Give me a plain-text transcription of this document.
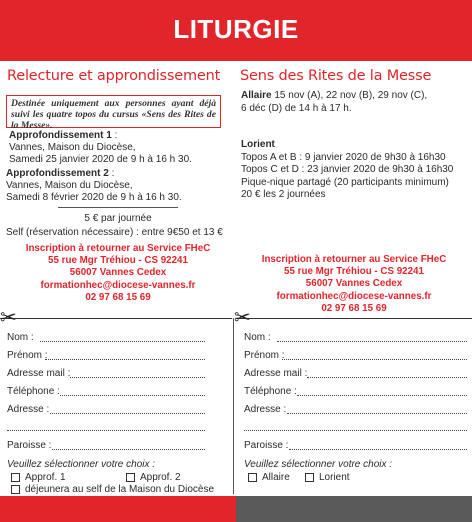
LITURGIE
Relecture et approndissement
Destinée uniquement aux personnes ayant déjà suivi les quatre topos du cursus «Sens des Rites de la Messe».
Approfondissement 1 :
Vannes, Maison du Diocèse,
Samedi 25 janvier 2020 de 9 h à 16 h 30.
Approfondissement 2 :
Vannes, Maison du Diocèse,
Samedi 8 février 2020 de 9 h à 16 h 30.
5 € par journée
Self (réservation nécessaire) : entre 9€50 et 13 €
Inscription à retourner au Service FHeC
55 rue Mgr Tréhiou - CS 92241
56007 Vannes Cedex
formationhec@diocese-vannes.fr
02 97 68 15 69
Sens des Rites de la Messe
Allaire 15 nov (A), 22 nov (B), 29 nov (C),
6 déc (D) de 14 h à 17 h.
Lorient
Topos A et B : 9 janvier 2020 de 9h30 à 16h30
Topos C et D : 23 janvier 2020 de 9h30 à 16h30
Pique-nique partagé (20 participants minimum)
20 € les 2 journées
Inscription à retourner au Service FHeC
55 rue Mgr Tréhiou - CS 92241
56007 Vannes Cedex
formationhec@diocese-vannes.fr
02 97 68 15 69
✂	✂
Nom :
Prénom :
Adresse mail :
Téléphone :
Adresse :
Paroisse :
Veuillez sélectionner votre choix :
Approf. 1	Approf. 2
déjeunera au self de la Maison du Diocèse
Nom :
Prénom :
Adresse mail :
Téléphone :
Adresse :
Paroisse :
Veuillez sélectionner votre choix :
Allaire	Lorient
